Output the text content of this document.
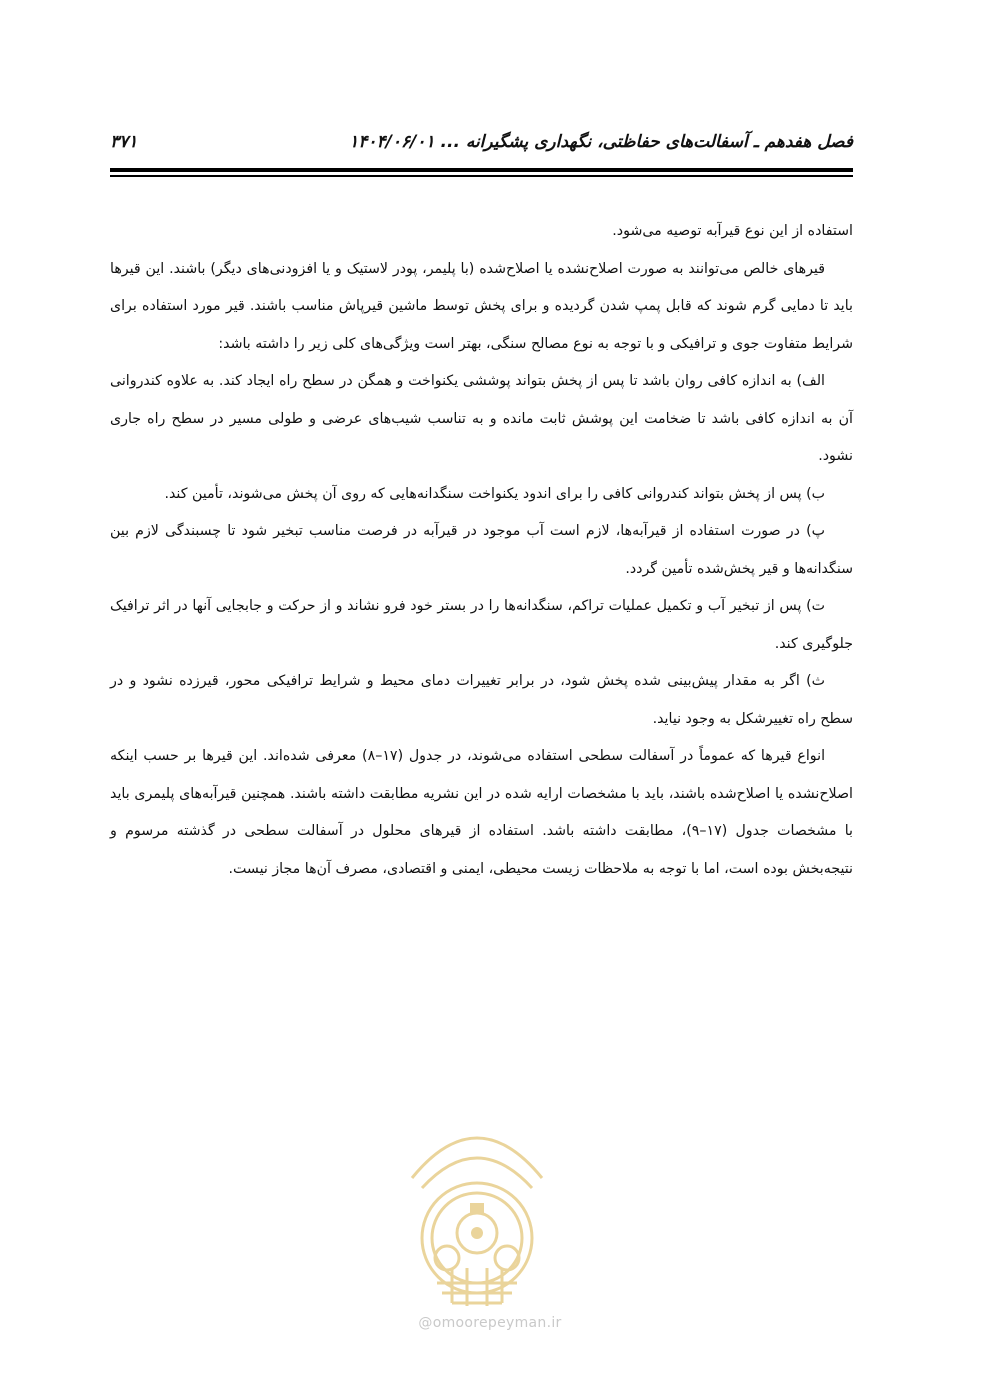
فصل هفدهم ـ آسفالت‌های حفاظتی، نگهداری پشگیرانه ... ۱۴۰۴/۰۶/۰۱
۳۷۱

استفاده از این نوع قیرآبه توصیه می‌شود.

قیرهای خالص می‌توانند به صورت اصلاح‌نشده یا اصلاح‌شده (با پلیمر، پودر لاستیک و یا افزودنی‌های دیگر) باشند. این قیرها باید تا دمایی گرم شوند که قابل پمپ شدن گردیده و برای پخش توسط ماشین قیرپاش مناسب باشند. قیر مورد استفاده برای شرایط متفاوت جوی و ترافیکی و با توجه به نوع مصالح سنگی، بهتر است ویژگی‌های کلی زیر را داشته باشد:

الف) به اندازه کافی روان باشد تا پس از پخش بتواند پوششی یکنواخت و همگن در سطح راه ایجاد کند. به علاوه کندروانی آن به اندازه کافی باشد تا ضخامت این پوشش ثابت مانده و به تناسب شیب‌های عرضی و طولی مسیر در سطح راه جاری نشود.

ب) پس از پخش بتواند کندروانی کافی را برای اندود یکنواخت سنگدانه‌هایی که روی آن پخش می‌شوند، تأمین کند.

پ) در صورت استفاده از قیرآبه‌ها، لازم است آب موجود در قیرآبه در فرصت مناسب تبخیر شود تا چسبندگی لازم بین سنگدانه‌ها و قیر پخش‌شده تأمین گردد.

ت) پس از تبخیر آب و تکمیل عملیات تراکم، سنگدانه‌ها را در بستر خود فرو نشاند و از حرکت و جابجایی آنها در اثر ترافیک جلوگیری کند.

ث) اگر به مقدار پیش‌بینی شده پخش شود، در برابر تغییرات دمای محیط و شرایط ترافیکی محور، قیرزده نشود و در سطح راه تغییرشکل به وجود نیاید.

انواع قیرها که عموماً در آسفالت سطحی استفاده می‌شوند، در جدول (۱۷–۸) معرفی شده‌اند. این قیرها بر حسب اینکه اصلاح‌نشده یا اصلاح‌شده باشند، باید با مشخصات ارایه شده در این نشریه مطابقت داشته باشند. همچنین قیرآبه‌های پلیمری باید با مشخصات جدول (۱۷–۹)، مطابقت داشته باشد. استفاده از قیرهای محلول در آسفالت سطحی در گذشته مرسوم و نتیجه‌بخش بوده است، اما با توجه به ملاحظات زیست محیطی، ایمنی و اقتصادی، مصرف آن‌ها مجاز نیست.

@omoorepeyman.ir
